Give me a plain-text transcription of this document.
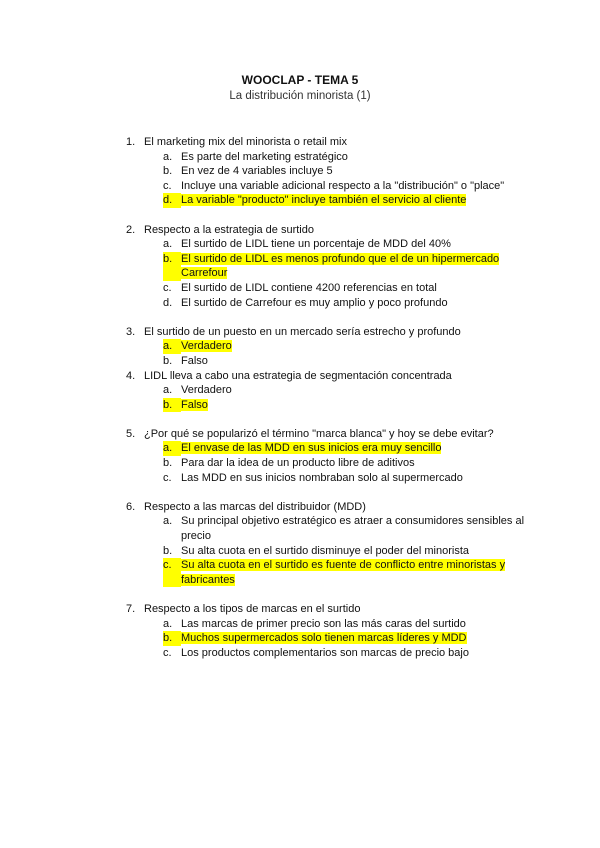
WOOCLAP - TEMA 5
La distribución minorista (1)
1. El marketing mix del minorista o retail mix
a. Es parte del marketing estratégico
b. En vez de 4 variables incluye 5
c. Incluye una variable adicional respecto a la "distribución" o "place"
d. La variable "producto" incluye también el servicio al cliente
2. Respecto a la estrategia de surtido
a. El surtido de LIDL tiene un porcentaje de MDD del 40%
b. El surtido de LIDL es menos profundo que el de un hipermercado Carrefour
c. El surtido de LIDL contiene 4200 referencias en total
d. El surtido de Carrefour es muy amplio y poco profundo
3. El surtido de un puesto en un mercado sería estrecho y profundo
a. Verdadero
b. Falso
4. LIDL lleva a cabo una estrategia de segmentación concentrada
a. Verdadero
b. Falso
5. ¿Por qué se popularizó el término "marca blanca" y hoy se debe evitar?
a. El envase de las MDD en sus inicios era muy sencillo
b. Para dar la idea de un producto libre de aditivos
c. Las MDD en sus inicios nombraban solo al supermercado
6. Respecto a las marcas del distribuidor (MDD)
a. Su principal objetivo estratégico es atraer a consumidores sensibles al precio
b. Su alta cuota en el surtido disminuye el poder del minorista
c. Su alta cuota en el surtido es fuente de conflicto entre minoristas y fabricantes
7. Respecto a los tipos de marcas en el surtido
a. Las marcas de primer precio son las más caras del surtido
b. Muchos supermercados solo tienen marcas líderes y MDD
c. Los productos complementarios son marcas de precio bajo
